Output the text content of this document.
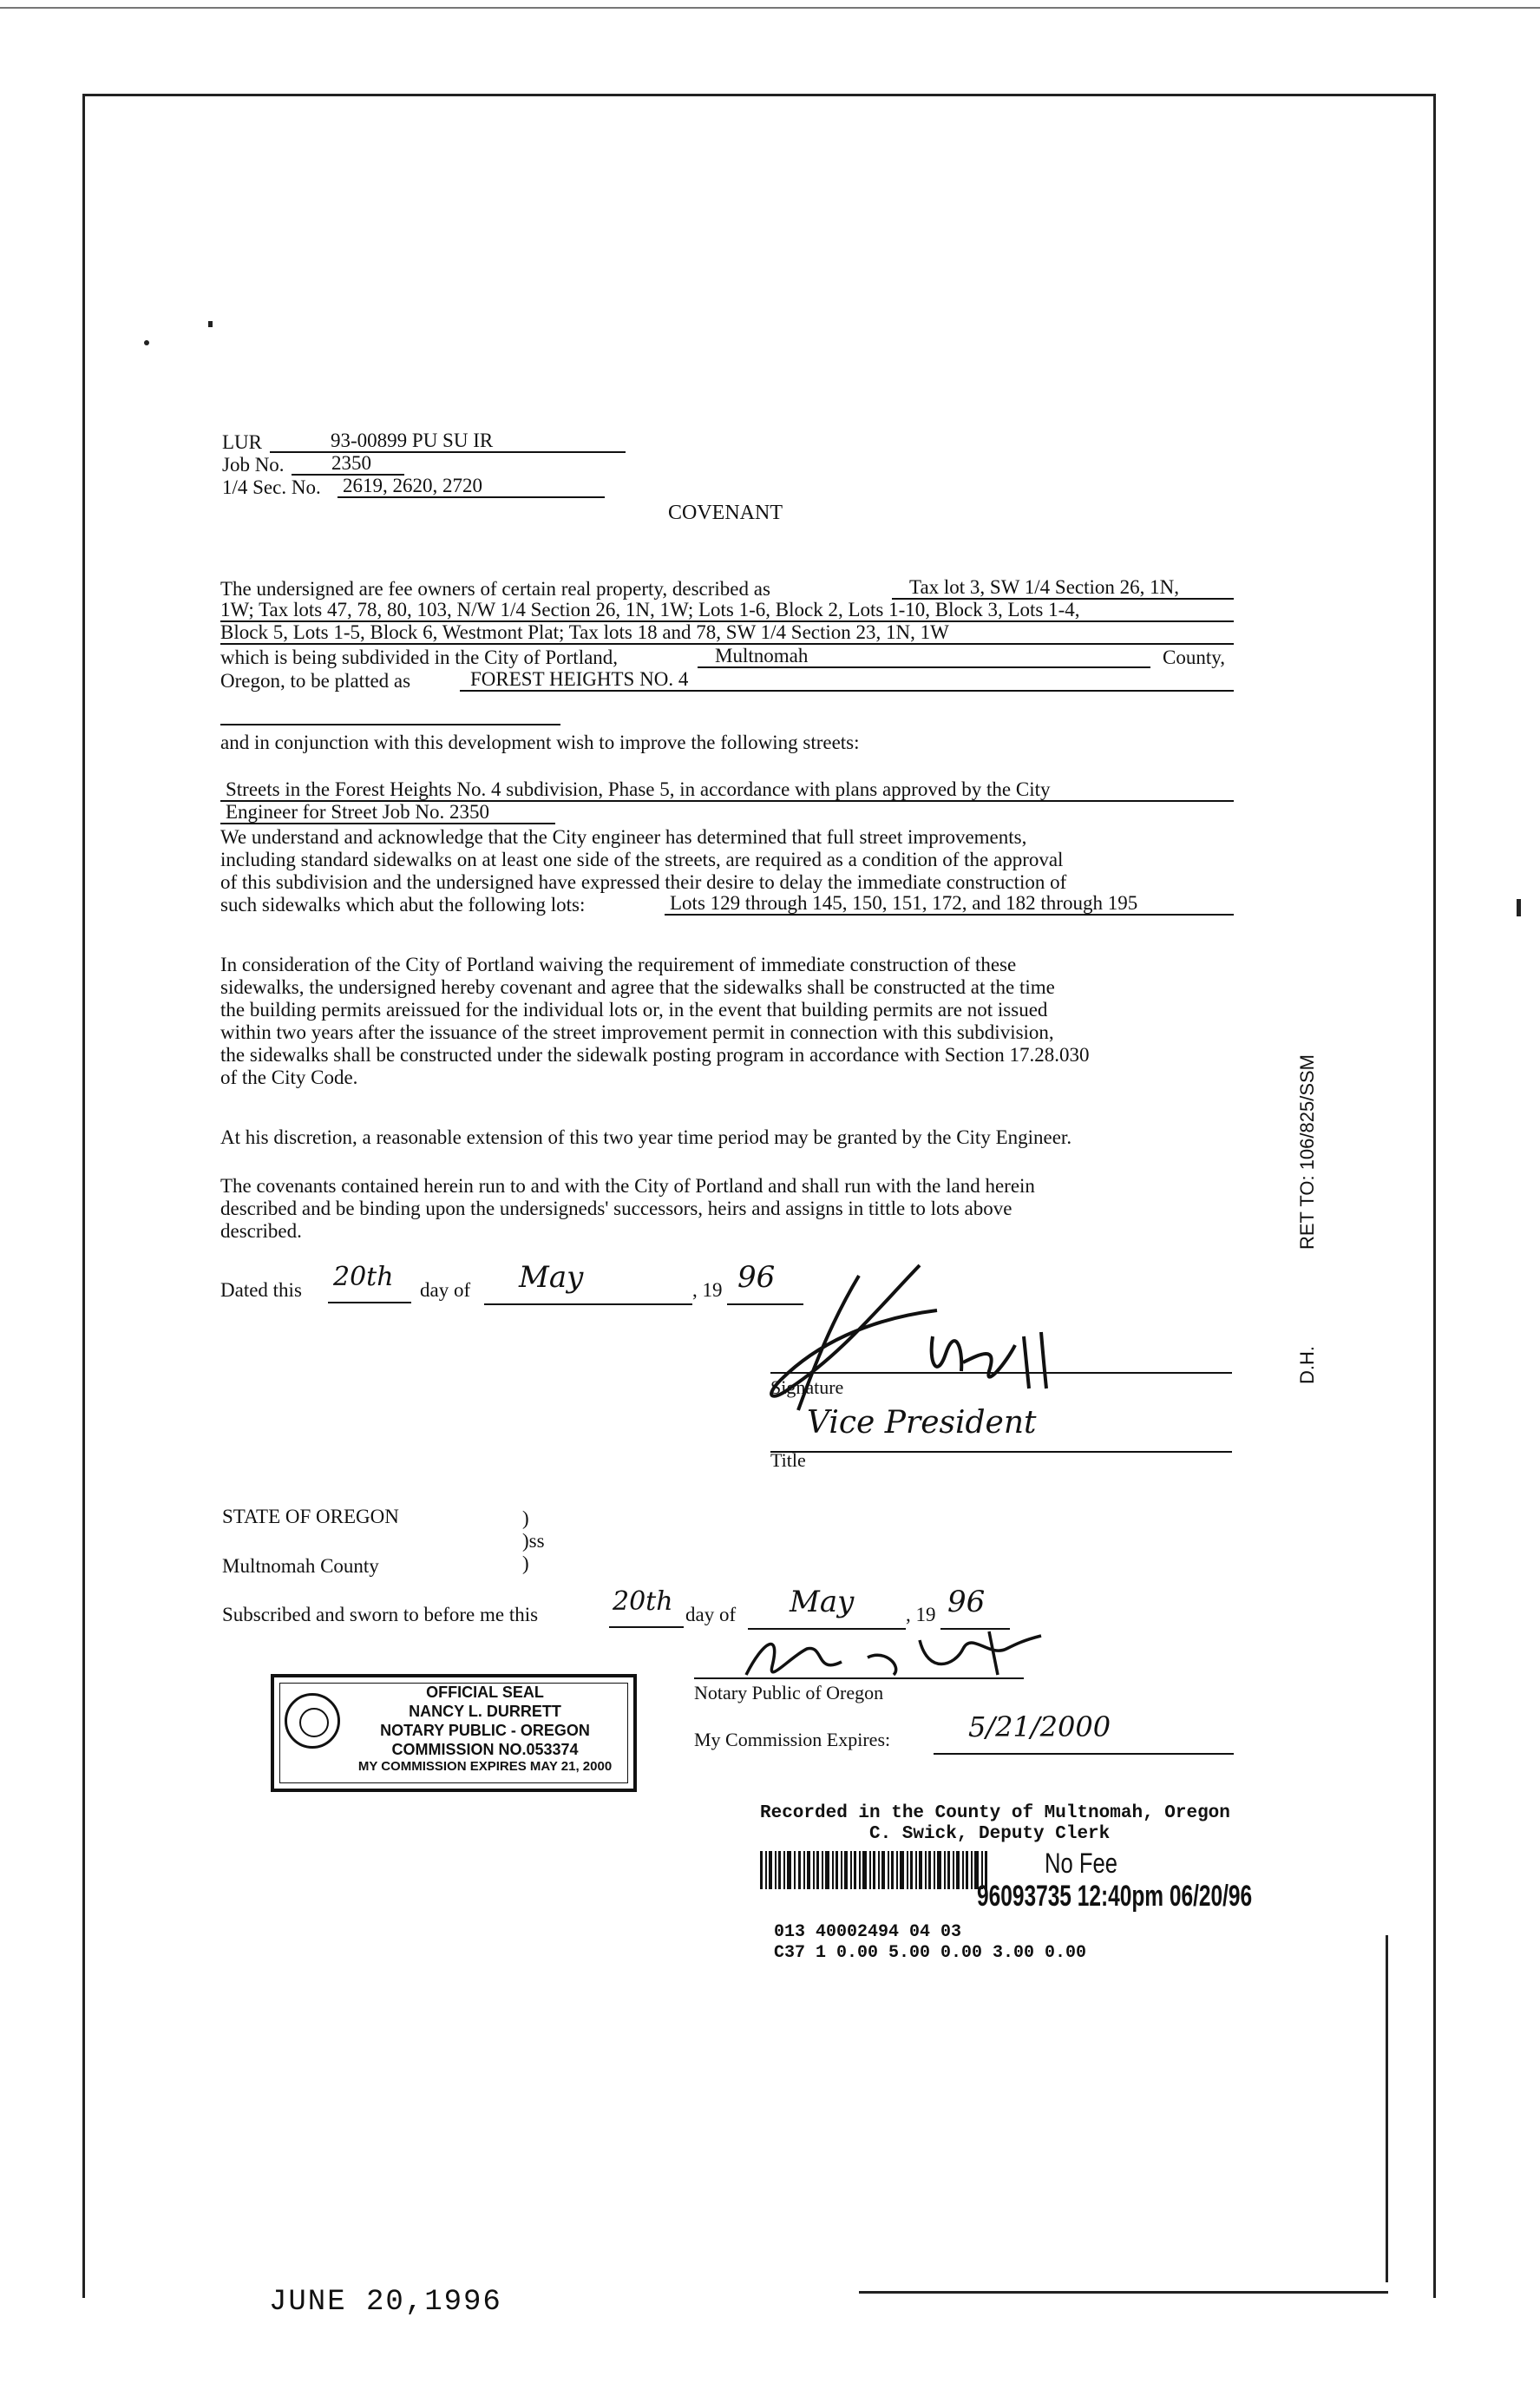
LUR	93-00899 PU SU IR
Job No.	2350
1/4 Sec. No. 2619, 2620, 2720
COVENANT
The undersigned are fee owners of certain real property, described as	Tax lot 3, SW 1/4 Section 26, 1N,
1W; Tax lots 47, 78, 80, 103, N/W 1/4 Section 26, 1N, 1W; Lots 1-6, Block 2, Lots 1-10, Block 3, Lots 1-4,
Block 5, Lots 1-5, Block 6, Westmont Plat; Tax lots 18 and 78, SW 1/4 Section 23, 1N, 1W
which is being subdivided in the City of Portland,	Multnomah	County,
Oregon, to be platted as	FOREST HEIGHTS NO. 4
and in conjunction with this development wish to improve the following streets:
Streets in the Forest Heights No. 4 subdivision, Phase 5, in accordance with plans approved by the City
Engineer for Street Job No. 2350
We understand and acknowledge that the City engineer has determined that full street improvements,
including standard sidewalks on at least one side of the streets, are required as a condition of the approval
of this subdivision and the undersigned have expressed their desire to delay the immediate construction of
such sidewalks which abut the following lots:	Lots 129 through 145, 150, 151, 172, and 182 through 195
In consideration of the City of Portland waiving the requirement of immediate construction of these
sidewalks, the undersigned hereby covenant and agree that the sidewalks shall be constructed at the time
the building permits areissued for the individual lots or, in the event that building permits are not issued
within two years after the issuance of the street improvement permit in connection with this subdivision,
the sidewalks shall be constructed under the sidewalk posting program in accordance with Section 17.28.030
of the City Code.
At his discretion, a reasonable extension of this two year time period may be granted by the City Engineer.
The covenants contained herein run to and with the City of Portland and shall run with the land herein
described and be binding upon the undersigneds' successors, heirs and assigns in tittle to lots above
described.
Dated this 20th	day of	May	, 19 96
Signature
Vice President
Title
STATE OF OREGON	)
)ss
)
Multnomah County
Subscribed and sworn to before me this	20th day of	May	, 19 96
Notary Public of Oregon
My Commission Expires:	5/21/2000
OFFICIAL SEAL
NANCY L. DURRETT
NOTARY PUBLIC - OREGON
COMMISSION NO.053374
MY COMMISSION EXPIRES MAY 21, 2000
Recorded in the County of Multnomah, Oregon
C. Swick, Deputy Clerk
No Fee
96093735 12:40pm 06/20/96
013 40002494 04 03
C37 1 0.00 5.00 0.00 3.00 0.00
RET TO: 106/825/SSM
D.H.
JUNE 20,1996
